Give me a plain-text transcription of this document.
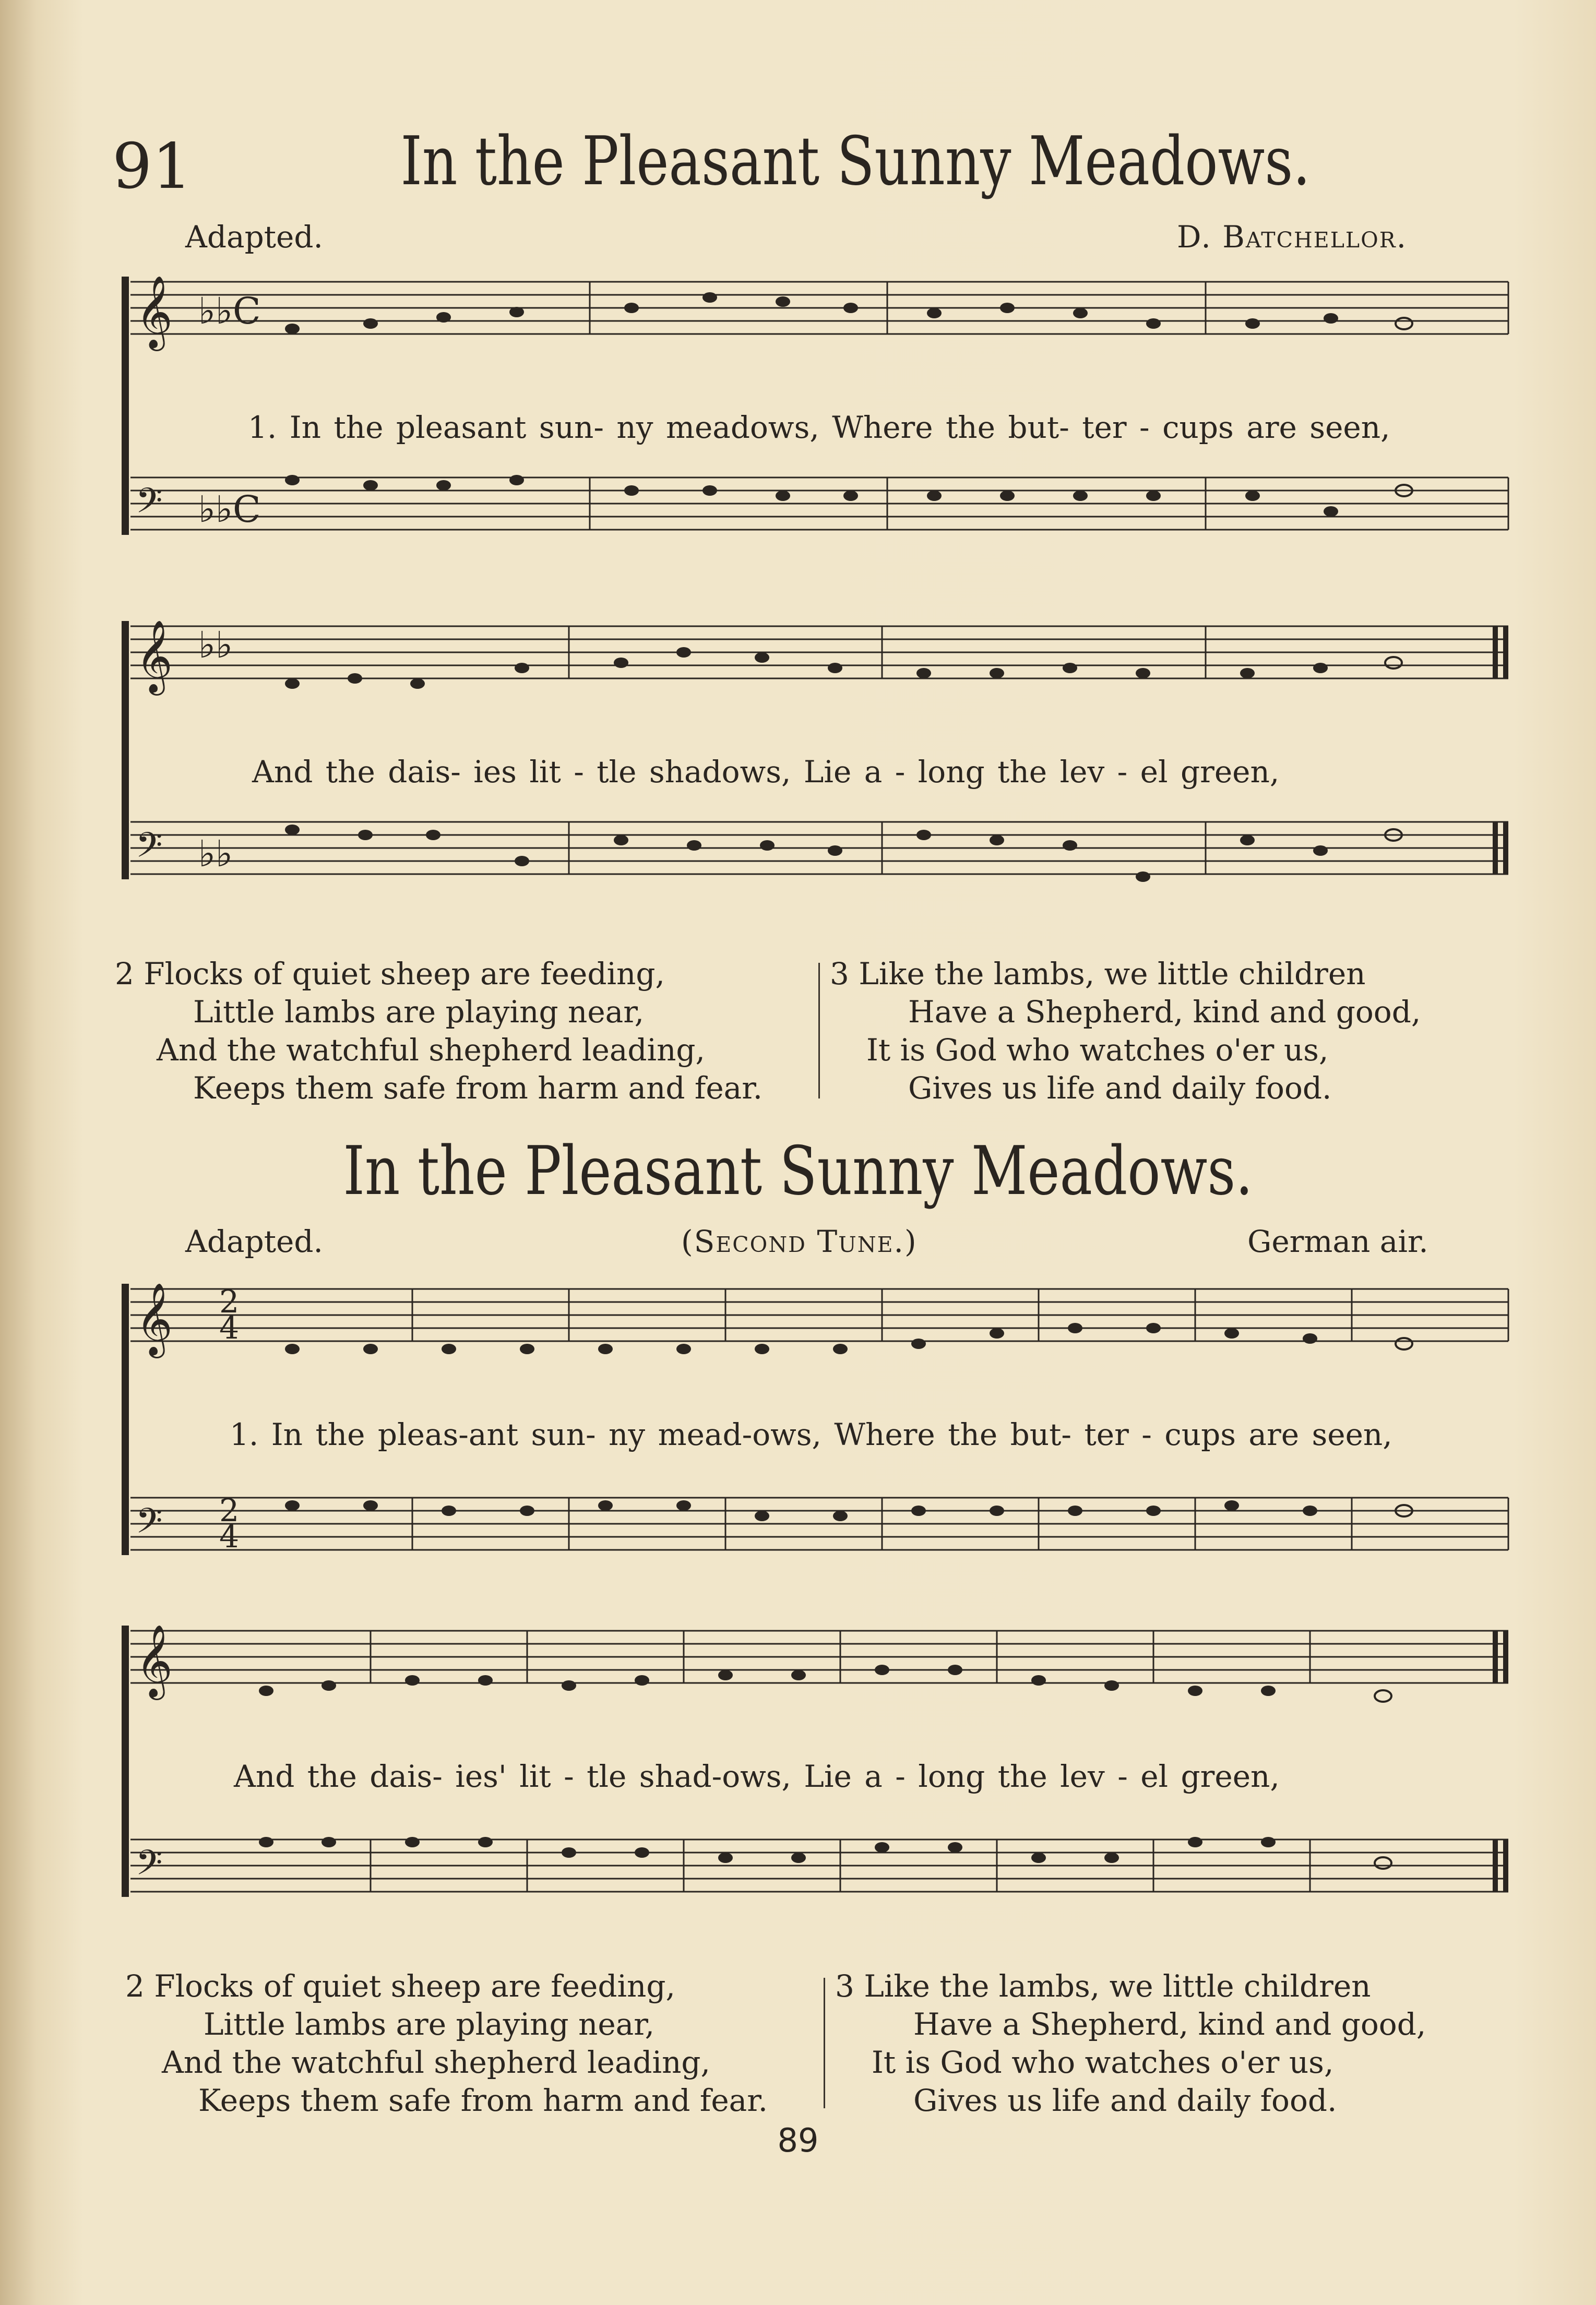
91	In the Pleasant Sunny Meadows.
Adapted.	D. Batchellor.
𝄞
𝄢
♭♭C
♭♭C
1. In the pleasant sun- ny meadows, Where the but- ter - cups are seen,
𝄞
𝄢
♭♭
♭♭
And the dais- ies lit - tle shadows, Lie a - long the lev - el green,
2 Flocks of quiet sheep are feeding,
Little lambs are playing near,
And the watchful shepherd leading,
Keeps them safe from harm and fear.
3 Like the lambs, we little children
Have a Shepherd, kind and good,
It is God who watches o'er us,
Gives us life and daily food.
In the Pleasant Sunny Meadows.
Adapted.	(Second Tune.)	German air.
𝄞
𝄢
2
4
2
4
1. In the pleas-ant sun- ny mead-ows, Where the but- ter - cups are seen,
𝄞
𝄢
And the dais- ies' lit - tle shad-ows, Lie a - long the lev - el green,
2 Flocks of quiet sheep are feeding,
Little lambs are playing near,
And the watchful shepherd leading,
Keeps them safe from harm and fear.
3 Like the lambs, we little children
Have a Shepherd, kind and good,
It is God who watches o'er us,
Gives us life and daily food.
89
